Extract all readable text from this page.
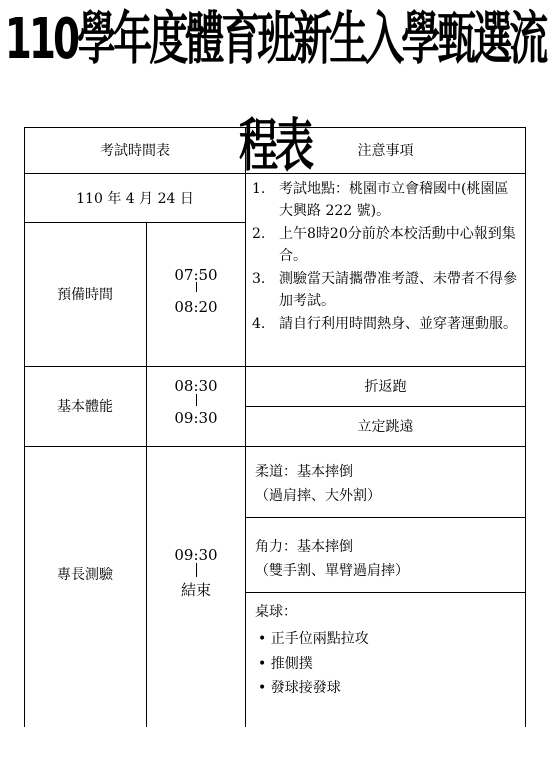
110學年度體育班新生入學甄選流程表
考試時間表	注意事項
110 年 4 月 24 日
1. 考試地點：桃園市立會稽國中(桃園區大興路 222 號)。
2. 上午8時20分前於本校活動中心報到集合。
3. 測驗當天請攜帶准考證、未帶者不得參加考試。
4. 請自行利用時間熱身、並穿著運動服。
預備時間
07:50
08:20
基本體能
08:30
09:30
折返跑
立定跳遠
專長測驗
09:30
結束
柔道：基本摔倒
（過肩摔、大外割）
角力：基本摔倒
（雙手割、單臂過肩摔）
桌球：
• 正手位兩點拉攻
• 推側撲
• 發球接發球
